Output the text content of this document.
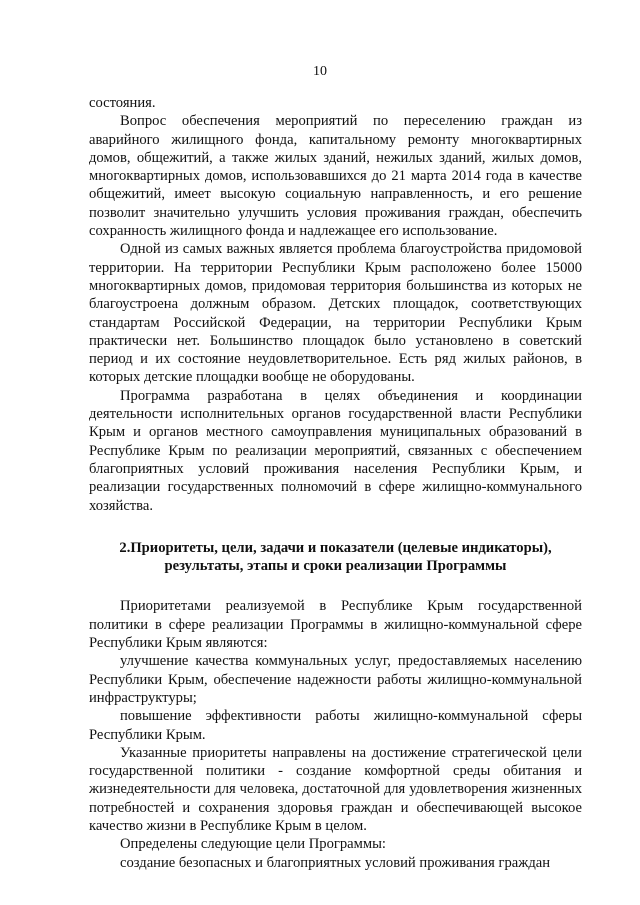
10

состояния.

Вопрос обеспечения мероприятий по переселению граждан из аварийного жилищного фонда, капитальному ремонту многоквартирных домов, общежитий, а также жилых зданий, нежилых зданий, жилых домов, многоквартирных домов, использовавшихся до 21 марта 2014 года в качестве общежитий, имеет высокую социальную направленность, и его решение позволит значительно улучшить условия проживания граждан, обеспечить сохранность жилищного фонда и надлежащее его использование.

Одной из самых важных является проблема благоустройства придомовой территории. На территории Республики Крым расположено более 15000 многоквартирных домов, придомовая территория большинства из которых не благоустроена должным образом. Детских площадок, соответствующих стандартам Российской Федерации, на территории Республики Крым практически нет. Большинство площадок было установлено в советский период и их состояние неудовлетворительное. Есть ряд жилых районов, в которых детские площадки вообще не оборудованы.

Программа разработана в целях объединения и координации деятельности исполнительных органов государственной власти Республики Крым и органов местного самоуправления муниципальных образований в Республике Крым по реализации мероприятий, связанных с обеспечением благоприятных условий проживания населения Республики Крым, и реализации государственных полномочий в сфере жилищно-коммунального хозяйства.

2.Приоритеты, цели, задачи и показатели (целевые индикаторы),
результаты, этапы и сроки реализации Программы

Приоритетами реализуемой в Республике Крым государственной политики в сфере реализации Программы в жилищно-коммунальной сфере Республики Крым являются:

улучшение качества коммунальных услуг, предоставляемых населению Республики Крым, обеспечение надежности работы жилищно-коммунальной инфраструктуры;

повышение эффективности работы жилищно-коммунальной сферы Республики Крым.

Указанные приоритеты направлены на достижение стратегической цели государственной политики - создание комфортной среды обитания и жизнедеятельности для человека, достаточной для удовлетворения жизненных потребностей и сохранения здоровья граждан и обеспечивающей высокое качество жизни в Республике Крым в целом.

Определены следующие цели Программы:

создание безопасных и благоприятных условий проживания граждан
